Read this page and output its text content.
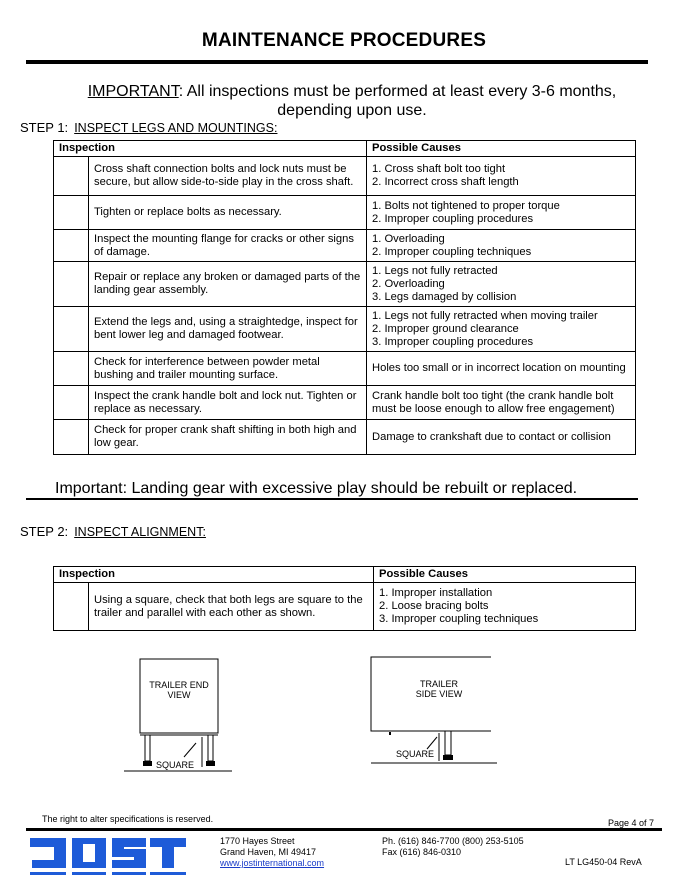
MAINTENANCE PROCEDURES
IMPORTANT: All inspections must be performed at least every 3-6 months,
depending upon use.
STEP 1: INSPECT LEGS AND MOUNTINGS:
Inspection		Possible Causes
	Cross shaft connection bolts and lock nuts must be secure, but allow side-to-side play in the cross shaft.	1. Cross shaft bolt too tight
2. Incorrect cross shaft length

	Tighten or replace bolts as necessary.	1. Bolts not tightened to proper torque
2. Improper coupling procedures

	Inspect the mounting flange for cracks or other signs of damage.	1. Overloading
2. Improper coupling techniques

	Repair or replace any broken or damaged parts of the landing gear assembly.	1. Legs not fully retracted
2. Overloading
3. Legs damaged by collision

	Extend the legs and, using a straightedge, inspect for bent lower leg and damaged footwear.	1. Legs not fully retracted when moving trailer
2. Improper ground clearance
3. Improper coupling procedures

	Check for interference between powder metal bushing and trailer mounting surface.	Holes too small or in incorrect location on mounting

	Inspect the crank handle bolt and lock nut. Tighten or replace as necessary.	Crank handle bolt too tight (the crank handle bolt must be loose enough to allow free engagement)

	Check for proper crank shaft shifting in both high and low gear.	Damage to crankshaft due to contact or collision
Important: Landing gear with excessive play should be rebuilt or replaced.
STEP 2: INSPECT ALIGNMENT:
Inspection		Possible Causes
	Using a square, check that both legs are square to the trailer and parallel with each other as shown.	1. Improper installation
2. Loose bracing bolts
3. Improper coupling techniques
TRAILER END
VIEW
SQUARE
TRAILER
SIDE VIEW
SQUARE
The right to alter specifications is reserved.	Page 4 of 7
1770 Hayes Street
Grand Haven, MI 49417
www.jostinternational.com
Ph. (616) 846-7700 (800) 253-5105
Fax (616) 846-0310
LT LG450-04 RevA
